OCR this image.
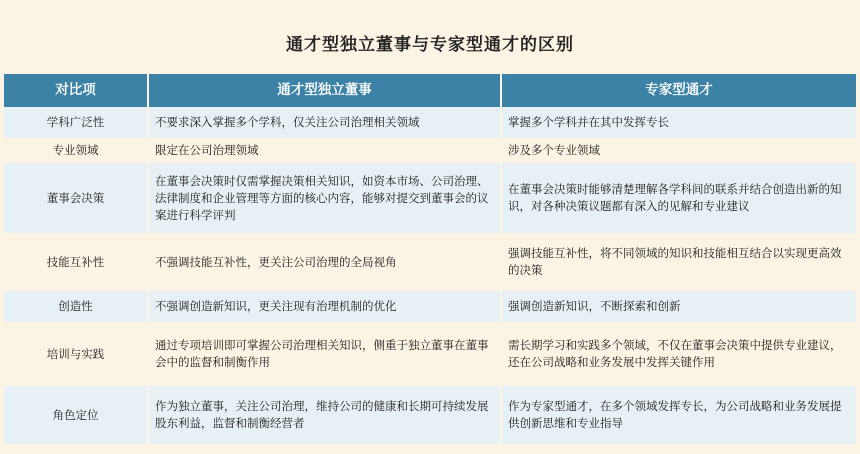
通才型独立董事与专家型通才的区别
对比项	通才型独立董事	专家型通才
学科广泛性	不要求深入掌握多个学科，仅关注公司治理相关领域	掌握多个学科并在其中发挥专长
专业领域	限定在公司治理领域	涉及多个专业领域
董事会决策	在董事会决策时仅需掌握决策相关知识，如资本市场、公司治理、法律制度和企业管理等方面的核心内容，能够对提交到董事会的议案进行科学评判	在董事会决策时能够清楚理解各学科间的联系并结合创造出新的知识，对各种决策议题都有深入的见解和专业建议
技能互补性	不强调技能互补性，更关注公司治理的全局视角	强调技能互补性，将不同领域的知识和技能相互结合以实现更高效的决策
创造性	不强调创造新知识，更关注现有治理机制的优化	强调创造新知识，不断探索和创新
培训与实践	通过专项培训即可掌握公司治理相关知识，侧重于独立董事在董事会中的监督和制衡作用	需长期学习和实践多个领域，不仅在董事会决策中提供专业建议，还在公司战略和业务发展中发挥关键作用
角色定位	作为独立董事，关注公司治理，维持公司的健康和长期可持续发展股东利益，监督和制衡经营者	作为专家型通才，在多个领域发挥专长，为公司战略和业务发展提供创新思维和专业指导
